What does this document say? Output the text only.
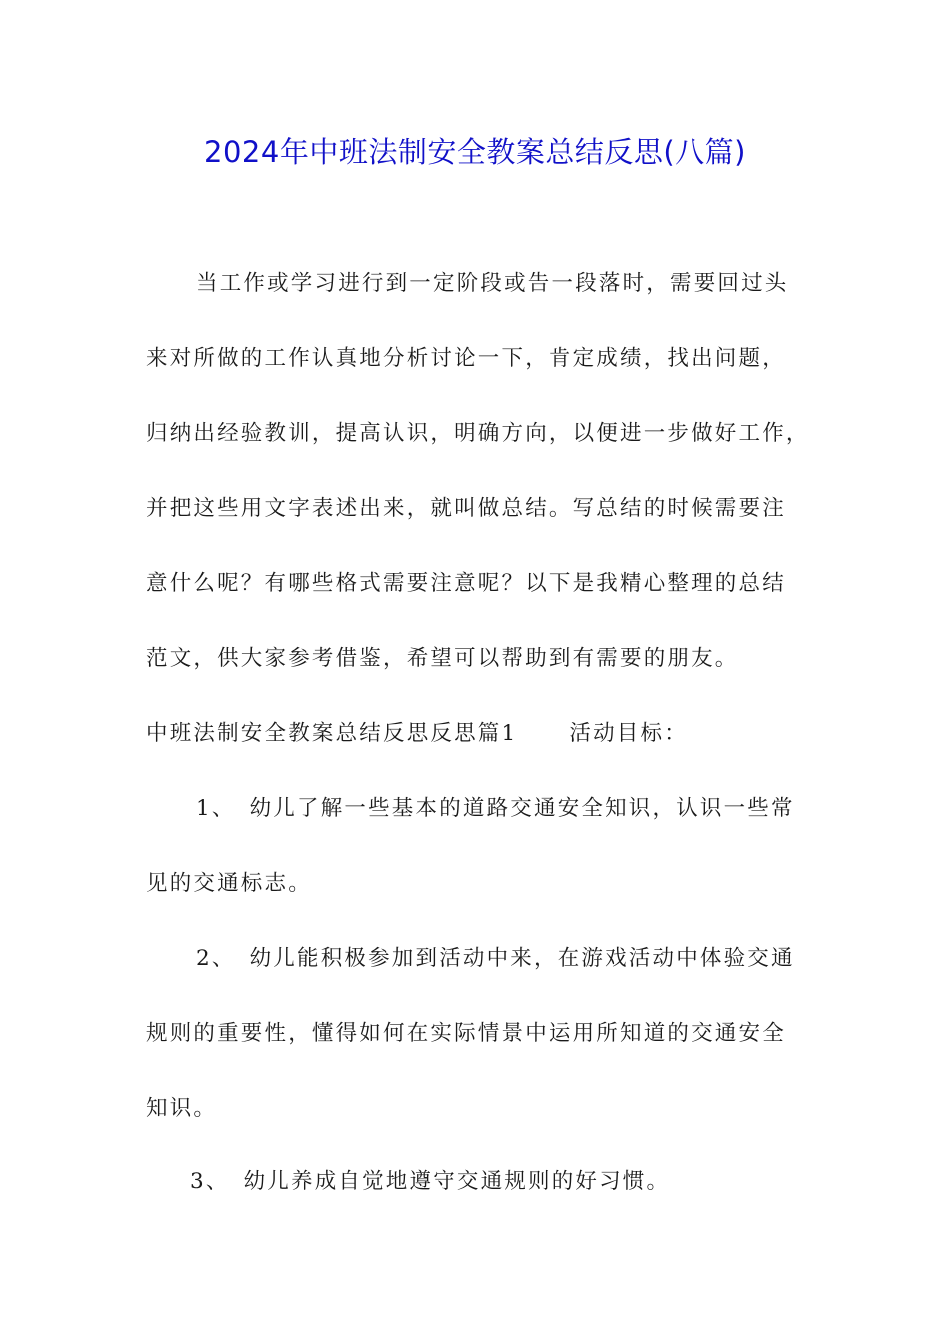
2024年中班法制安全教案总结反思(八篇)
当工作或学习进行到一定阶段或告一段落时，需要回过头
来对所做的工作认真地分析讨论一下，肯定成绩，找出问题，
归纳出经验教训，提高认识，明确方向，以便进一步做好工作，
并把这些用文字表述出来，就叫做总结。写总结的时候需要注
意什么呢？有哪些格式需要注意呢？以下是我精心整理的总结
范文，供大家参考借鉴，希望可以帮助到有需要的朋友。
中班法制安全教案总结反思反思篇1 活动目标：
1、 幼儿了解一些基本的道路交通安全知识，认识一些常
见的交通标志。
2、 幼儿能积极参加到活动中来，在游戏活动中体验交通
规则的重要性，懂得如何在实际情景中运用所知道的交通安全
知识。
3、 幼儿养成自觉地遵守交通规则的好习惯。
